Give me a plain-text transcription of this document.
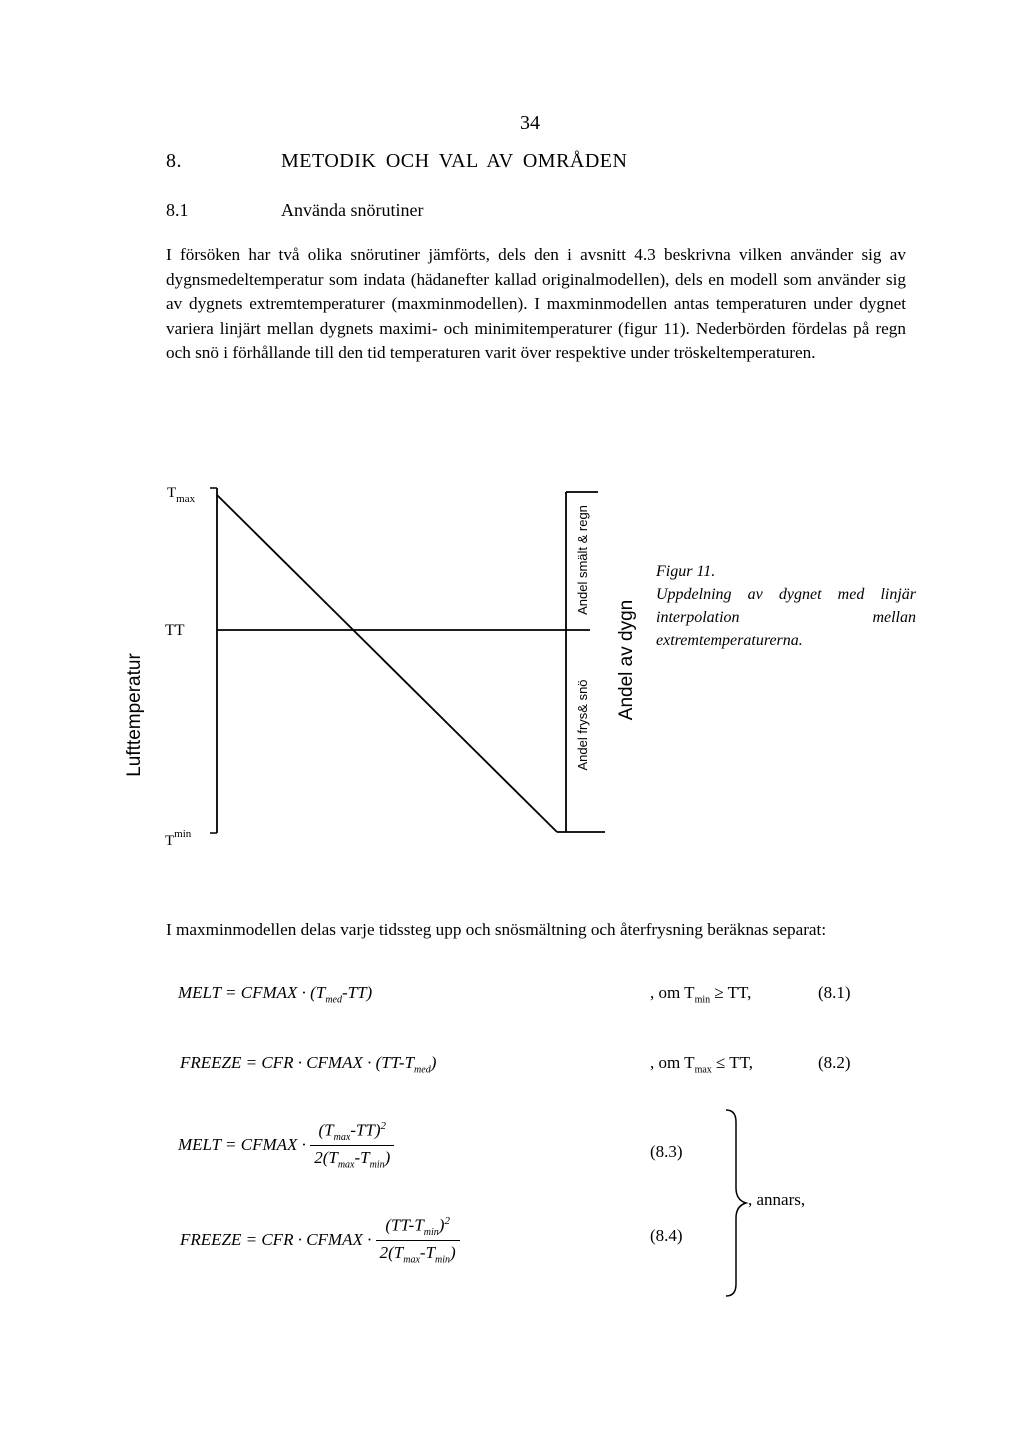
34
8.	METODIK OCH VAL AV OMRÅDEN
8.1	Använda snörutiner
I försöken har två olika snörutiner jämförts, dels den i avsnitt 4.3 beskrivna vilken använder sig av dygnsmedeltemperatur som indata (hädanefter kallad originalmodellen), dels en modell som använder sig av dygnets extremtemperaturer (maxminmodellen). I maxminmodellen antas temperaturen under dygnet variera linjärt mellan dygnets maximi- och minimitemperaturer (figur 11). Nederbörden fördelas på regn och snö i förhållande till den tid temperaturen varit över respektive under tröskeltemperaturen.
Lufttemperatur
$T_{max}$
TT
$T^{min}$
Andel smält & regn
Andel frys& snö
Andel av dygn
Figur 11.
Uppdelning av dygnet med linjär interpolation mellan extremtemperaturerna.
I maxminmodellen delas varje tidssteg upp och snösmältning och återfrysning beräknas separat:
MELT = CFMAX · $(T_{med}-TT)$	, om $T_{min}$ ≥ TT,	(8.1)
FREEZE = CFR · CFMAX · $(TT-T_{med})$	, om $T_{max}$ ≤ TT,	(8.2)
MELT = CFMAX · $\frac{(T_{max}-TT)^2}{2(T_{max}-T_{min})}$	(8.3)
FREEZE = CFR · CFMAX · $\frac{(TT-T_{min})^2}{2(T_{max}-T_{min})}$	(8.4)
, annars,
